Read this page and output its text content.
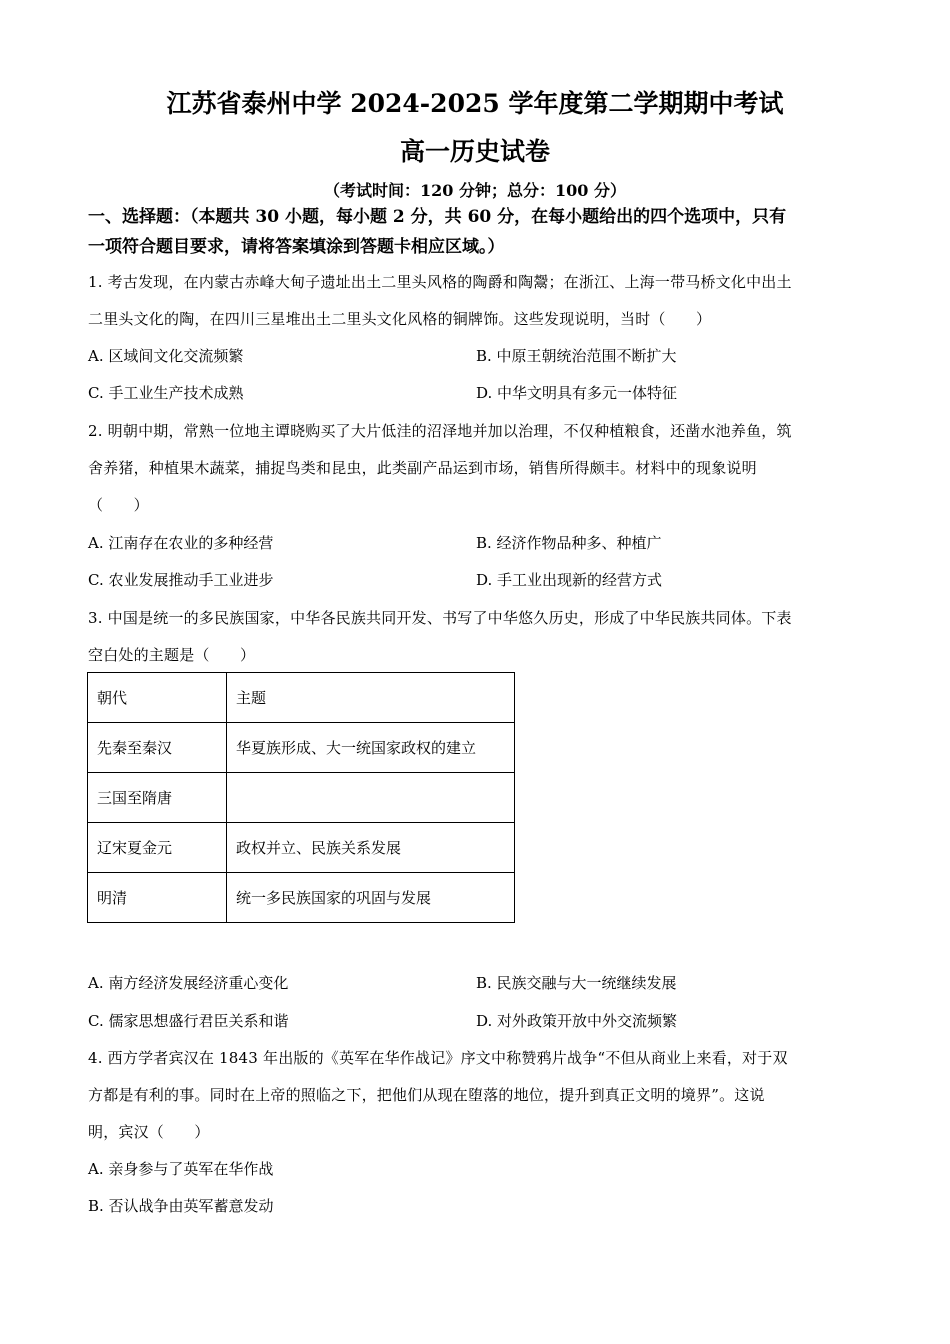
江苏省泰州中学 2024-2025 学年度第二学期期中考试
高一历史试卷
（考试时间：120 分钟；总分：100 分）
一、选择题：（本题共 30 小题，每小题 2 分，共 60 分，在每小题给出的四个选项中，只有
一项符合题目要求，请将答案填涂到答题卡相应区域。）
1. 考古发现，在内蒙古赤峰大甸子遗址出土二里头风格的陶爵和陶鬶；在浙江、上海一带马桥文化中出土
二里头文化的陶，在四川三星堆出土二里头文化风格的铜牌饰。这些发现说明，当时（　　）
A. 区域间文化交流频繁	B. 中原王朝统治范围不断扩大
C. 手工业生产技术成熟	D. 中华文明具有多元一体特征
2. 明朝中期，常熟一位地主谭晓购买了大片低洼的沼泽地并加以治理，不仅种植粮食，还凿水池养鱼，筑
舍养猪，种植果木蔬菜，捕捉鸟类和昆虫，此类副产品运到市场，销售所得颇丰。材料中的现象说明
（　　）
A. 江南存在农业的多种经营	B. 经济作物品种多、种植广
C. 农业发展推动手工业进步	D. 手工业出现新的经营方式
3. 中国是统一的多民族国家，中华各民族共同开发、书写了中华悠久历史，形成了中华民族共同体。下表
空白处的主题是（　　）
朝代	主题
先秦至秦汉	华夏族形成、大一统国家政权的建立
三国至隋唐	
辽宋夏金元	政权并立、民族关系发展
明清	统一多民族国家的巩固与发展
A. 南方经济发展经济重心变化	B. 民族交融与大一统继续发展
C. 儒家思想盛行君臣关系和谐	D. 对外政策开放中外交流频繁
4. 西方学者宾汉在 1843 年出版的《英军在华作战记》序文中称赞鸦片战争“不但从商业上来看，对于双
方都是有利的事。同时在上帝的照临之下，把他们从现在堕落的地位，提升到真正文明的境界”。这说
明，宾汉（　　）
A. 亲身参与了英军在华作战
B. 否认战争由英军蓄意发动
